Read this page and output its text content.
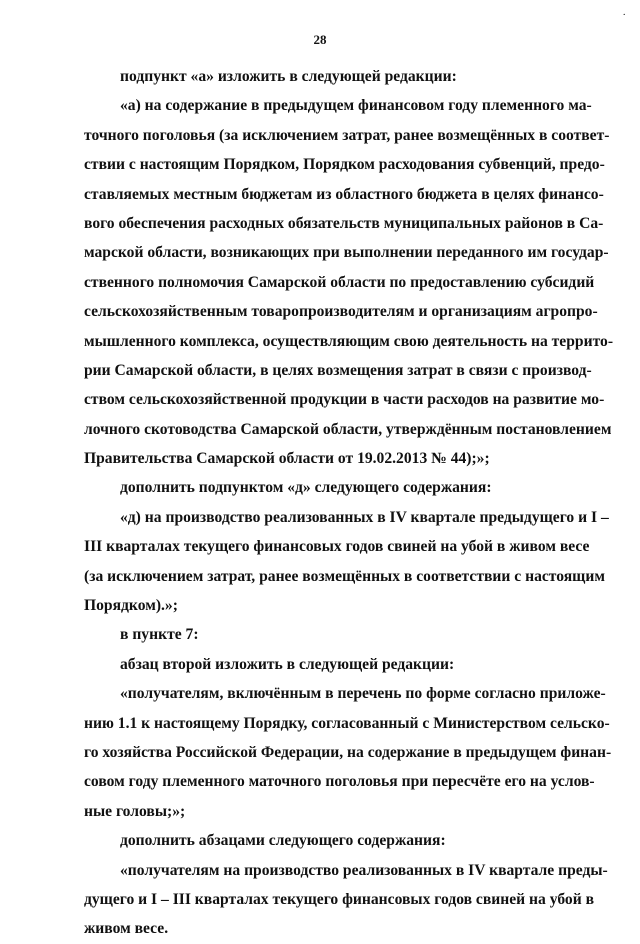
·
28
подпункт «а» изложить в следующей редакции:
«а) на содержание в предыдущем финансовом году племенного ма-
точного поголовья (за исключением затрат, ранее возмещённых в соответ-
ствии с настоящим Порядком, Порядком расходования субвенций, предо-
ставляемых местным бюджетам из областного бюджета в целях финансо-
вого обеспечения расходных обязательств муниципальных районов в Са-
марской области, возникающих при выполнении переданного им государ-
ственного полномочия Самарской области по предоставлению субсидий
сельскохозяйственным товаропроизводителям и организациям агропро-
мышленного комплекса, осуществляющим свою деятельность на террито-
рии Самарской области, в целях возмещения затрат в связи с производ-
ством сельскохозяйственной продукции в части расходов на развитие мо-
лочного скотоводства Самарской области, утверждённым постановлением
Правительства Самарской области от 19.02.2013 № 44);»;
дополнить подпунктом «д» следующего содержания:
«д) на производство реализованных в IV квартале предыдущего и I –
III кварталах текущего финансовых годов свиней на убой в живом весе
(за исключением затрат, ранее возмещённых в соответствии с настоящим
Порядком).»;
в пункте 7:
абзац второй изложить в следующей редакции:
«получателям, включённым в перечень по форме согласно приложе-
нию 1.1 к настоящему Порядку, согласованный с Министерством сельско-
го хозяйства Российской Федерации, на содержание в предыдущем финан-
совом году племенного маточного поголовья при пересчёте его на услов-
ные головы;»;
дополнить абзацами следующего содержания:
«получателям на производство реализованных в IV квартале преды-
дущего и I – III кварталах текущего финансовых годов свиней на убой в
живом весе.
